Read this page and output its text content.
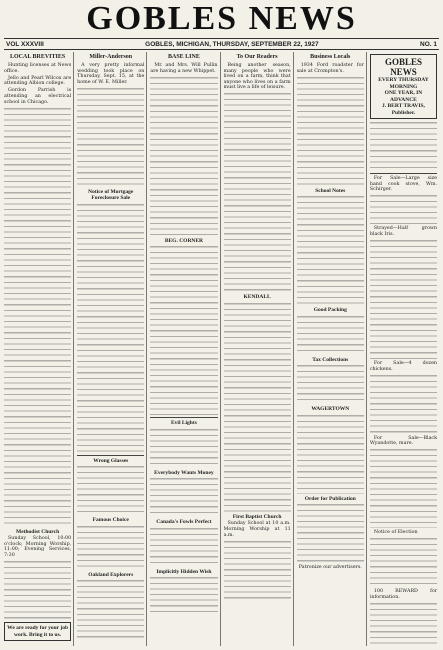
GOBLES NEWS
VOL XXXVIII	GOBLES, MICHIGAN, THURSDAY, SEPTEMBER 22, 1927	NO. 1
LOCAL BREVITIES

Hunting licenses at News office.

Jello and Pearl Wilcox are attending Albion college.

Gordon Parrish is attending an electrical school in Chicago.

Methodist Church

Sunday School, 10:00 o'clock; Morning Worship, 11:00; Evening Services, 7:30

We are ready for your job work. Bring it to us.
Miller-Anderson

A very pretty informal wedding took place on Thursday, Sept. 15, at the home of W. E. Miller.

Notice of Mortgage Foreclosure Sale
Wrong Glasses
Famous Choice
Oakland Explorers
BASE LINE

Mr. and Mrs. Will Pullin are having a new Whippet.

BEG. CORNER
Evil Lights
Everybody Wants Money
Canada's Fowls Perfect
Implicitly Hidden Wish
To Our Readers

Being another season, many people who were lived on a farm, think that anyone who lives on a farm must live a life of leisure.

KENDALL
First Baptist Church

Sunday School at 10 a.m. Morning Worship at 11 a.m.

Business Locals

1934 Ford roadster for sale at Crompton's.

School Notes
Good Packing
Tax Collections
WAGERTOWN
Order for Publication

Patronize our advertisers.

GOBLES NEWS
EVERY THURSDAY MORNING
ONE YEAR, IN ADVANCE
J. BERT TRAVIS, Publisher.

For Sale—Large size hand cook stove, Wm. Schirger.

Strayed—Half grown black Iris.

For Sale—4 dozen chickens.

For Sale—Black Wyandotte, mare.

Notice of Election

100 REWARD for information.
